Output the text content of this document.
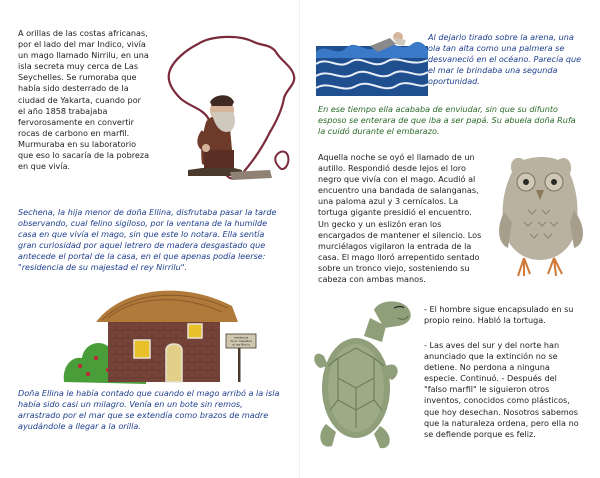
A orillas de las costas africanas,
por el lado del mar Indico, vivía
un mago llamado Nirrilu, en una
isla secreta muy cerca de Las
Seychelles. Se rumoraba que
había sido desterrado de la
ciudad de Yakarta, cuando por
el año 1858 trabajaba
fervorosamente en convertir
rocas de carbono en marfil.
Murmuraba en su laboratorio
que eso lo sacaría de la pobreza
en que vivía.

Sechena, la hija menor de doña Ellina, disfrutaba pasar la tarde
observando, cual felino sigiloso, por la ventana de la humilde
casa en que vivía el mago, sin que este lo notara. Ella sentía
gran curiosidad por aquel letrero de madera desgastado que
antecede el portal de la casa, en el que apenas podía leerse:
"residencia de su majestad el rey Nirrilu".

residencia
de su majestad
el rey Nirrilu

Doña Ellina le había contado que cuando el mago arribó a la isla
había sido casi un milagro. Venía en un bote sin remos,
arrastrado por el mar que se extendía como brazos de madre
ayudándole a llegar a la orilla.

Al dejarlo tirado sobre la arena, una
ola tan alta como una palmera se
desvaneció en el océano. Parecía que
el mar le brindaba una segunda
oportunidad.

En ese tiempo ella acababa de enviudar, sin que su difunto
esposo se enterara de que iba a ser papá. Su abuela doña Rufa
la cuidó durante el embarazo.

Aquella noche se oyó el llamado de un
autillo. Respondió desde lejos el loro
negro que vivía con el mago. Acudió al
encuentro una bandada de salanganas,
una paloma azul y 3 cernícalos. La
tortuga gigante presidió el encuentro.
Un gecko y un eslizón eran los
encargados de mantener el silencio. Los
murciélagos vigilaron la entrada de la
casa. El mago lloró arrepentido sentado
sobre un tronco viejo, sosteniendo su
cabeza con ambas manos.

- El hombre sigue encapsulado en su
propio reino. Habló la tortuga.

- Las aves del sur y del norte han
anunciado que la extinción no se
detiene. No perdona a ninguna
especie. Continuó. - Después del
"falso marfil" le siguieron otros
inventos, conocidos como plásticos,
que hoy desechan. Nosotros sabemos
que la naturaleza ordena, pero ella no
se defiende porque es feliz.
